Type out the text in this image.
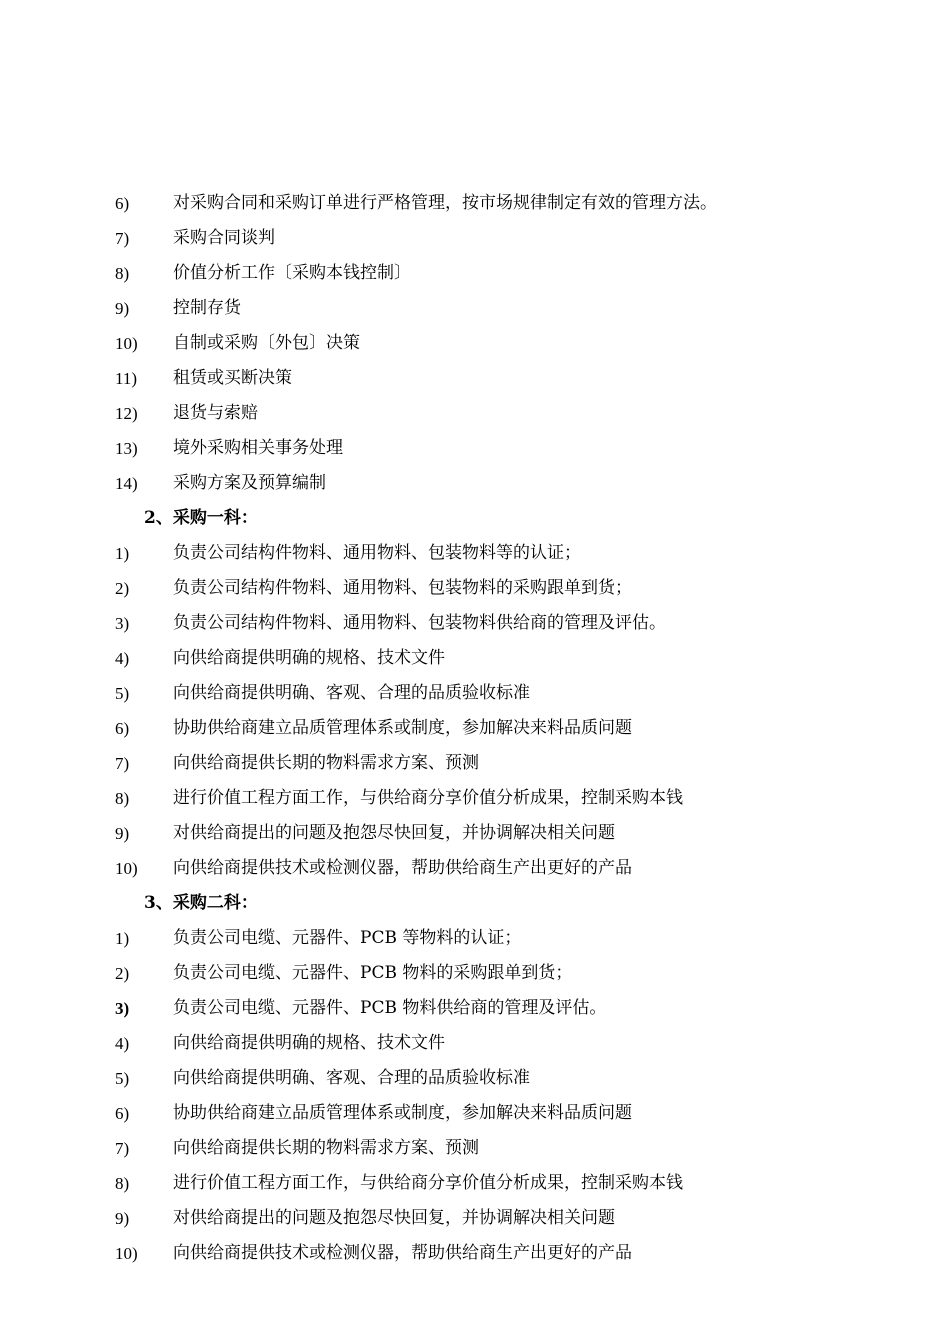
6)	对采购合同和采购订单进行严格管理，按市场规律制定有效的管理方法。
7)	采购合同谈判
8)	价值分析工作〔采购本钱控制〕
9)	控制存货
10) 自制或采购〔外包〕决策
11) 租赁或买断决策
12) 退货与索赔
13) 境外采购相关事务处理
14) 采购方案及预算编制
2、采购一科：
1)	负责公司结构件物料、通用物料、包装物料等的认证；
2)	负责公司结构件物料、通用物料、包装物料的采购跟单到货；
3)	负责公司结构件物料、通用物料、包装物料供给商的管理及评估。
4)	向供给商提供明确的规格、技术文件
5)	向供给商提供明确、客观、合理的品质验收标准
6)	协助供给商建立品质管理体系或制度，参加解决来料品质问题
7)	向供给商提供长期的物料需求方案、预测
8)	进行价值工程方面工作，与供给商分享价值分析成果，控制采购本钱
9)	对供给商提出的问题及抱怨尽快回复，并协调解决相关问题
10) 向供给商提供技术或检测仪器，帮助供给商生产出更好的产品
3、采购二科：
1)	负责公司电缆、元器件、PCB 等物料的认证；
2)	负责公司电缆、元器件、PCB 物料的采购跟单到货；
3)	负责公司电缆、元器件、PCB 物料供给商的管理及评估。
4)	向供给商提供明确的规格、技术文件
5)	向供给商提供明确、客观、合理的品质验收标准
6)	协助供给商建立品质管理体系或制度，参加解决来料品质问题
7)	向供给商提供长期的物料需求方案、预测
8)	进行价值工程方面工作，与供给商分享价值分析成果，控制采购本钱
9)	对供给商提出的问题及抱怨尽快回复，并协调解决相关问题
10) 向供给商提供技术或检测仪器，帮助供给商生产出更好的产品
